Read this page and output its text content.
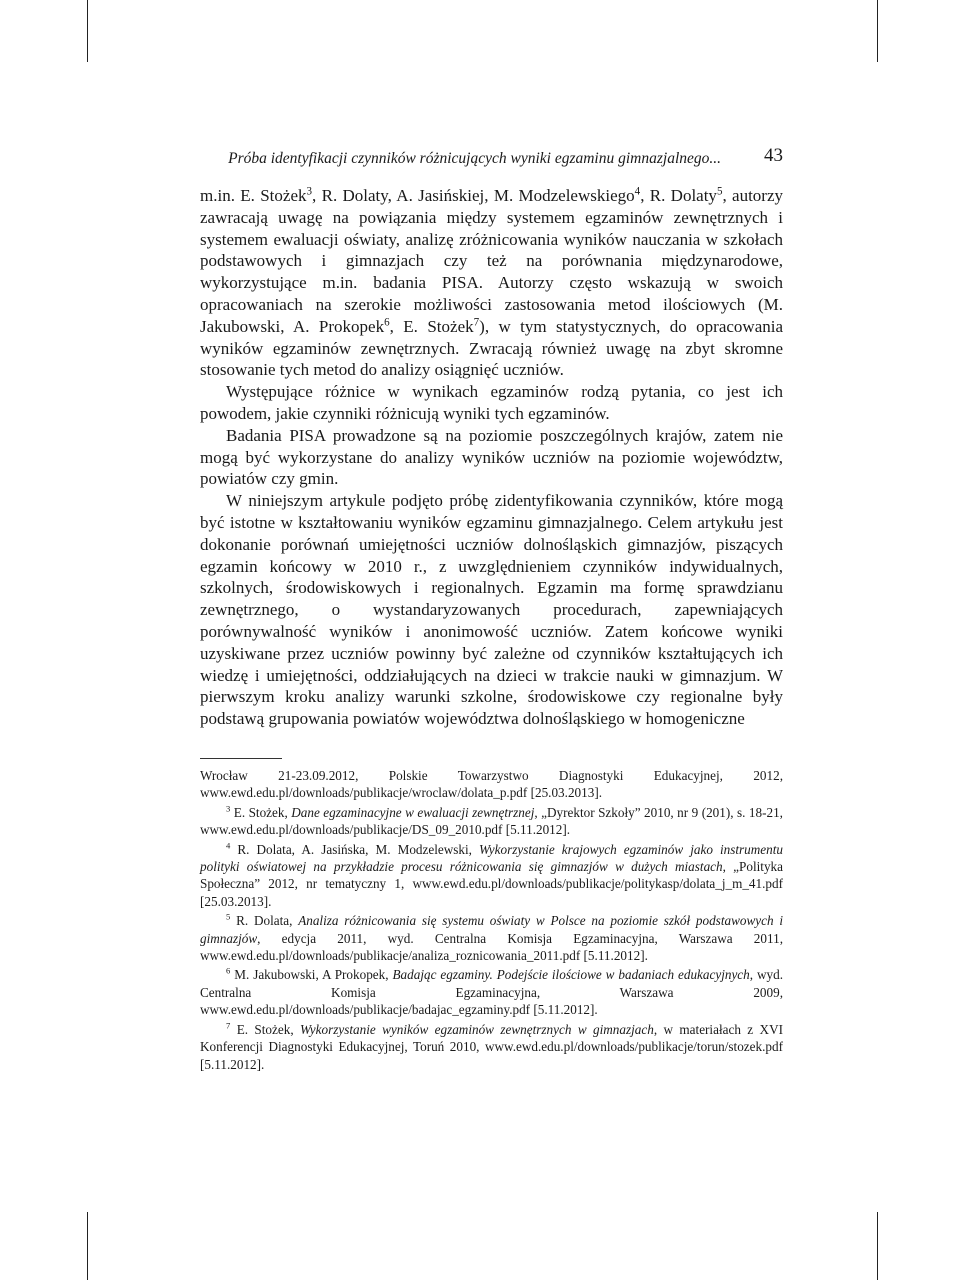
Próba identyfikacji czynników różnicujących wyniki egzaminu gimnazjalnego... 43

m.in. E. Stożek$^3$, R. Dolaty, A. Jasińskiej, M. Modzelewskiego$^4$, R. Dolaty$^5$, autorzy zawracają uwagę na powiązania między systemem egzaminów zewnętrznych i systemem ewaluacji oświaty, analizę zróżnicowania wyników nauczania w szkołach podstawowych i gimnazjach czy też na porównania międzynarodowe, wykorzystujące m.in. badania PISA. Autorzy często wskazują w swoich opracowaniach na szerokie możliwości zastosowania metod ilościowych (M. Jakubowski, A. Prokopek$^6$, E. Stożek$^7$), w tym statystycznych, do opracowania wyników egzaminów zewnętrznych. Zwracają również uwagę na zbyt skromne stosowanie tych metod do analizy osiągnięć uczniów.

Występujące różnice w wynikach egzaminów rodzą pytania, co jest ich powodem, jakie czynniki różnicują wyniki tych egzaminów.

Badania PISA prowadzone są na poziomie poszczególnych krajów, zatem nie mogą być wykorzystane do analizy wyników uczniów na poziomie województw, powiatów czy gmin.

W niniejszym artykule podjęto próbę zidentyfikowania czynników, które mogą być istotne w kształtowaniu wyników egzaminu gimnazjalnego. Celem artykułu jest dokonanie porównań umiejętności uczniów dolnośląskich gimnazjów, piszących egzamin końcowy w 2010 r., z uwzględnieniem czynników indywidualnych, szkolnych, środowiskowych i regionalnych. Egzamin ma formę sprawdzianu zewnętrznego, o wystandaryzowanych procedurach, zapewniających porównywalność wyników i anonimowość uczniów. Zatem końcowe wyniki uzyskiwane przez uczniów powinny być zależne od czynników kształtujących ich wiedzę i umiejętności, oddziałujących na dzieci w trakcie nauki w gimnazjum. W pierwszym kroku analizy warunki szkolne, środowiskowe czy regionalne były podstawą grupowania powiatów województwa dolnośląskiego w homogeniczne

Wrocław 21-23.09.2012, Polskie Towarzystwo Diagnostyki Edukacyjnej, 2012, www.ewd.edu.pl/downloads/publikacje/wroclaw/dolata_p.pdf [25.03.2013].

$^3$ E. Stożek, Dane egzaminacyjne w ewaluacji zewnętrznej, „Dyrektor Szkoły” 2010, nr 9 (201), s. 18-21, www.ewd.edu.pl/downloads/publikacje/DS_09_2010.pdf [5.11.2012].

$^4$ R. Dolata, A. Jasińska, M. Modzelewski, Wykorzystanie krajowych egzaminów jako instrumentu polityki oświatowej na przykładzie procesu różnicowania się gimnazjów w dużych miastach, „Polityka Społeczna” 2012, nr tematyczny 1, www.ewd.edu.pl/downloads/publikacje/politykasp/dolata_j_m_41.pdf [25.03.2013].

$^5$ R. Dolata, Analiza różnicowania się systemu oświaty w Polsce na poziomie szkół podstawowych i gimnazjów, edycja 2011, wyd. Centralna Komisja Egzaminacyjna, Warszawa 2011, www.ewd.edu.pl/downloads/publikacje/analiza_roznicowania_2011.pdf [5.11.2012].

$^6$ M. Jakubowski, A Prokopek, Badając egzaminy. Podejście ilościowe w badaniach edukacyjnych, wyd. Centralna Komisja Egzaminacyjna, Warszawa 2009, www.ewd.edu.pl/downloads/publikacje/badajac_egzaminy.pdf [5.11.2012].

$^7$ E. Stożek, Wykorzystanie wyników egzaminów zewnętrznych w gimnazjach, w materiałach z XVI Konferencji Diagnostyki Edukacyjnej, Toruń 2010, www.ewd.edu.pl/downloads/publikacje/torun/stozek.pdf [5.11.2012].
